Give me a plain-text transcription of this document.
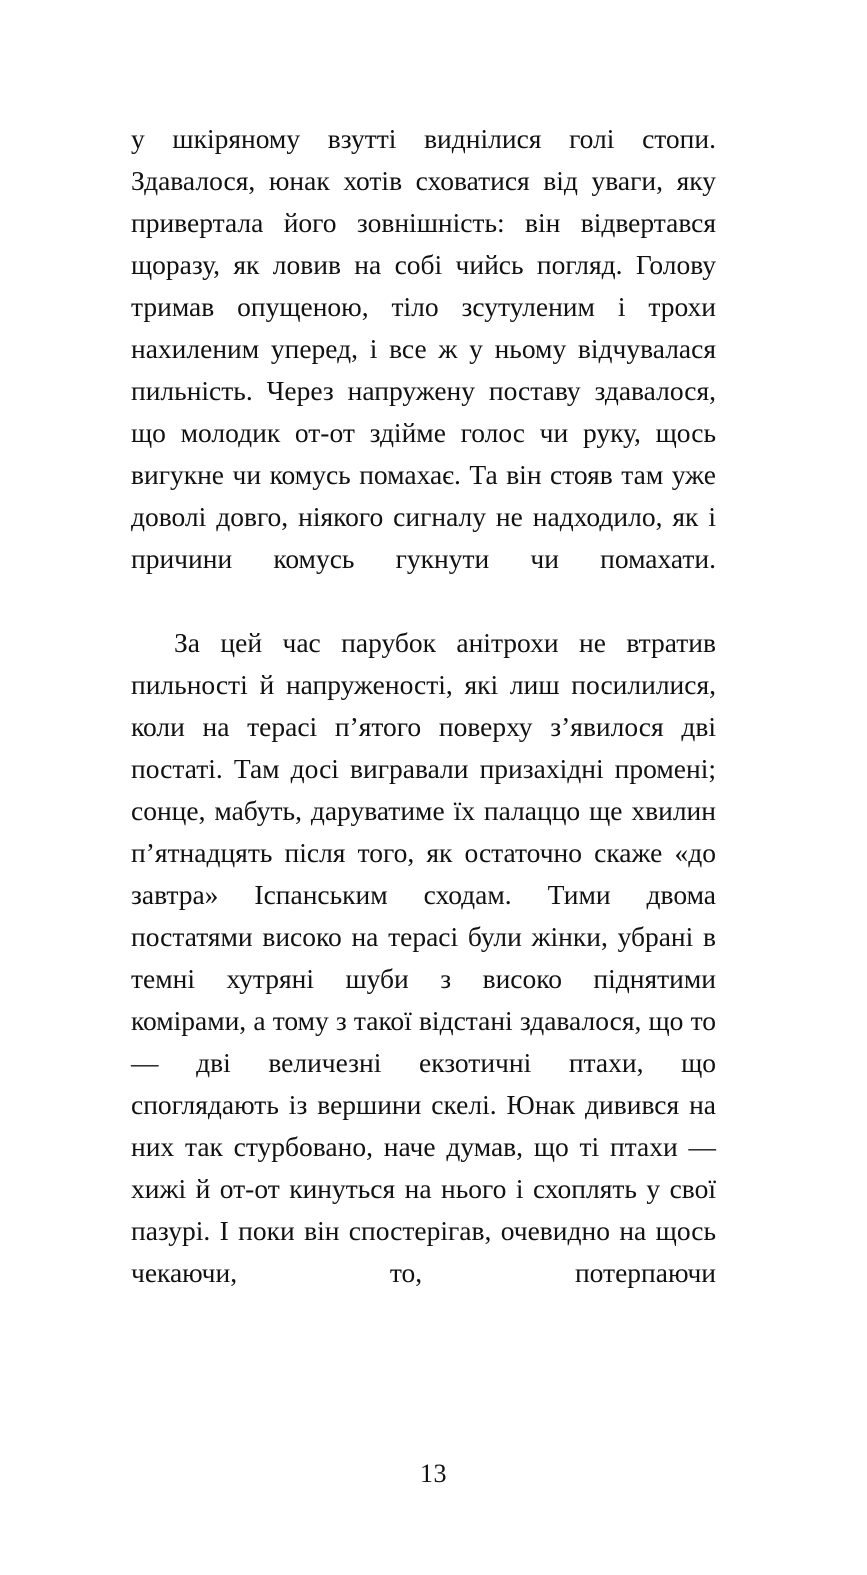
у шкіряному взутті виднілися голі стопи. Здавалося, юнак хотів сховатися від уваги, яку привертала його зовнішність: він відвертався щоразу, як ловив на собі чийсь погляд. Голову тримав опущеною, тіло зсутуленим і трохи нахиленим уперед, і все ж у ньому відчувалася пильність. Через напружену поставу здавалося, що молодик от-от здійме голос чи руку, щось вигукне чи комусь помахає. Та він стояв там уже доволі довго, ніякого сигналу не надходило, як і причини комусь гукнути чи помахати.

За цей час парубок анітрохи не втратив пильності й напруженості, які лиш посилилися, коли на терасі п’ятого поверху з’явилося дві постаті. Там досі вигравали призахідні промені; сонце, мабуть, даруватиме їх палаццо ще хвилин п’ятнадцять після того, як остаточно скаже «до завтра» Іспанським сходам. Тими двома постатями високо на терасі були жінки, убрані в темні хутряні шуби з високо піднятими комірами, а тому з такої відстані здавалося, що то — дві величезні екзотичні птахи, що споглядають із вершини скелі. Юнак дивився на них так стурбовано, наче думав, що ті птахи — хижі й от-от кинуться на нього і схоплять у свої пазурі. І поки він спостерігав, очевидно на щось чекаючи, то, потерпаючи

13
